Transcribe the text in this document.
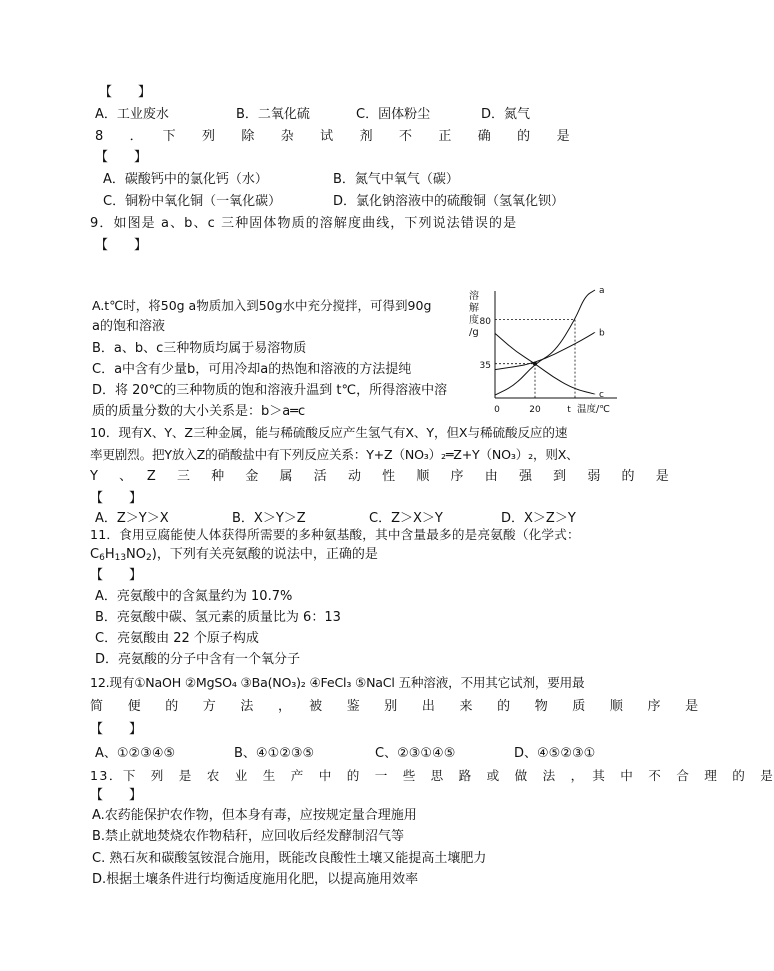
【　　】
A．工业废水	B．二氧化硫	C．固体粉尘	D．氮气
8　．　下　列　除　杂　试　剂　不　正　确　的　是
【　　】
A．碳酸钙中的氯化钙（水）	B．氮气中氧气（碳）
C．铜粉中氧化铜（一氧化碳）	D．氯化钠溶液中的硫酸铜（氢氧化钡）
9．如图是 a、b、c 三种固体物质的溶解度曲线，下列说法错误的是
【　　】
A.t℃时，将50g a物质加入到50g水中充分搅拌，可得到90g
a的饱和溶液
B．a、b、c三种物质均属于易溶物质
C．a中含有少量b，可用冷却a的热饱和溶液的方法提纯
D．将 20℃的三种物质的饱和溶液升温到 t℃，所得溶液中溶
质的质量分数的大小关系是：b＞a═c
溶
解
度
/g
80
35
0	20	t 温度/℃
a
b
c
10．现有X、Y、Z三种金属，能与稀硫酸反应产生氢气有X、Y，但X与稀硫酸反应的速
率更剧烈。把Y放入Z的硝酸盐中有下列反应关系：Y+Z（NO₃）₂═Z+Y（NO₃）₂，则X、
Y　、　Z　三　种　金　属　活　动　性　顺　序　由　强　到　弱　的　是
【　　】
A．Z＞Y＞X	B．X＞Y＞Z	C．Z＞X＞Y	D．X＞Z＞Y
11．食用豆腐能使人体获得所需要的多种氨基酸，其中含量最多的是亮氨酸（化学式：
$C_6H_{13}NO_2$)，下列有关亮氨酸的说法中，正确的是
【　　】
A．亮氨酸中的含氮量约为 10.7%
B．亮氨酸中碳、氢元素的质量比为 6：13
C．亮氨酸由 22 个原子构成
D．亮氨酸的分子中含有一个氧分子
12.现有①NaOH ②MgSO₄ ③Ba(NO₃)₂ ④FeCl₃ ⑤NaCl 五种溶液，不用其它试剂，要用最
简　便　的　方　法　，　被　鉴　别　出　来　的　物　质　顺　序　是
【　　】
A、①②③④⑤	B、④①②③⑤	C、②③①④⑤	D、④⑤②③①
13．下　列　是　农　业　生　产　中　的　一　些　思　路　或　做　法　，　其　中　不　合　理　的　是
【　　】
A.农药能保护农作物，但本身有毒，应按规定量合理施用
B.禁止就地焚烧农作物秸秆，应回收后经发酵制沼气等
C. 熟石灰和碳酸氢铵混合施用，既能改良酸性土壤又能提高土壤肥力
D.根据土壤条件进行均衡适度施用化肥，以提高施用效率
